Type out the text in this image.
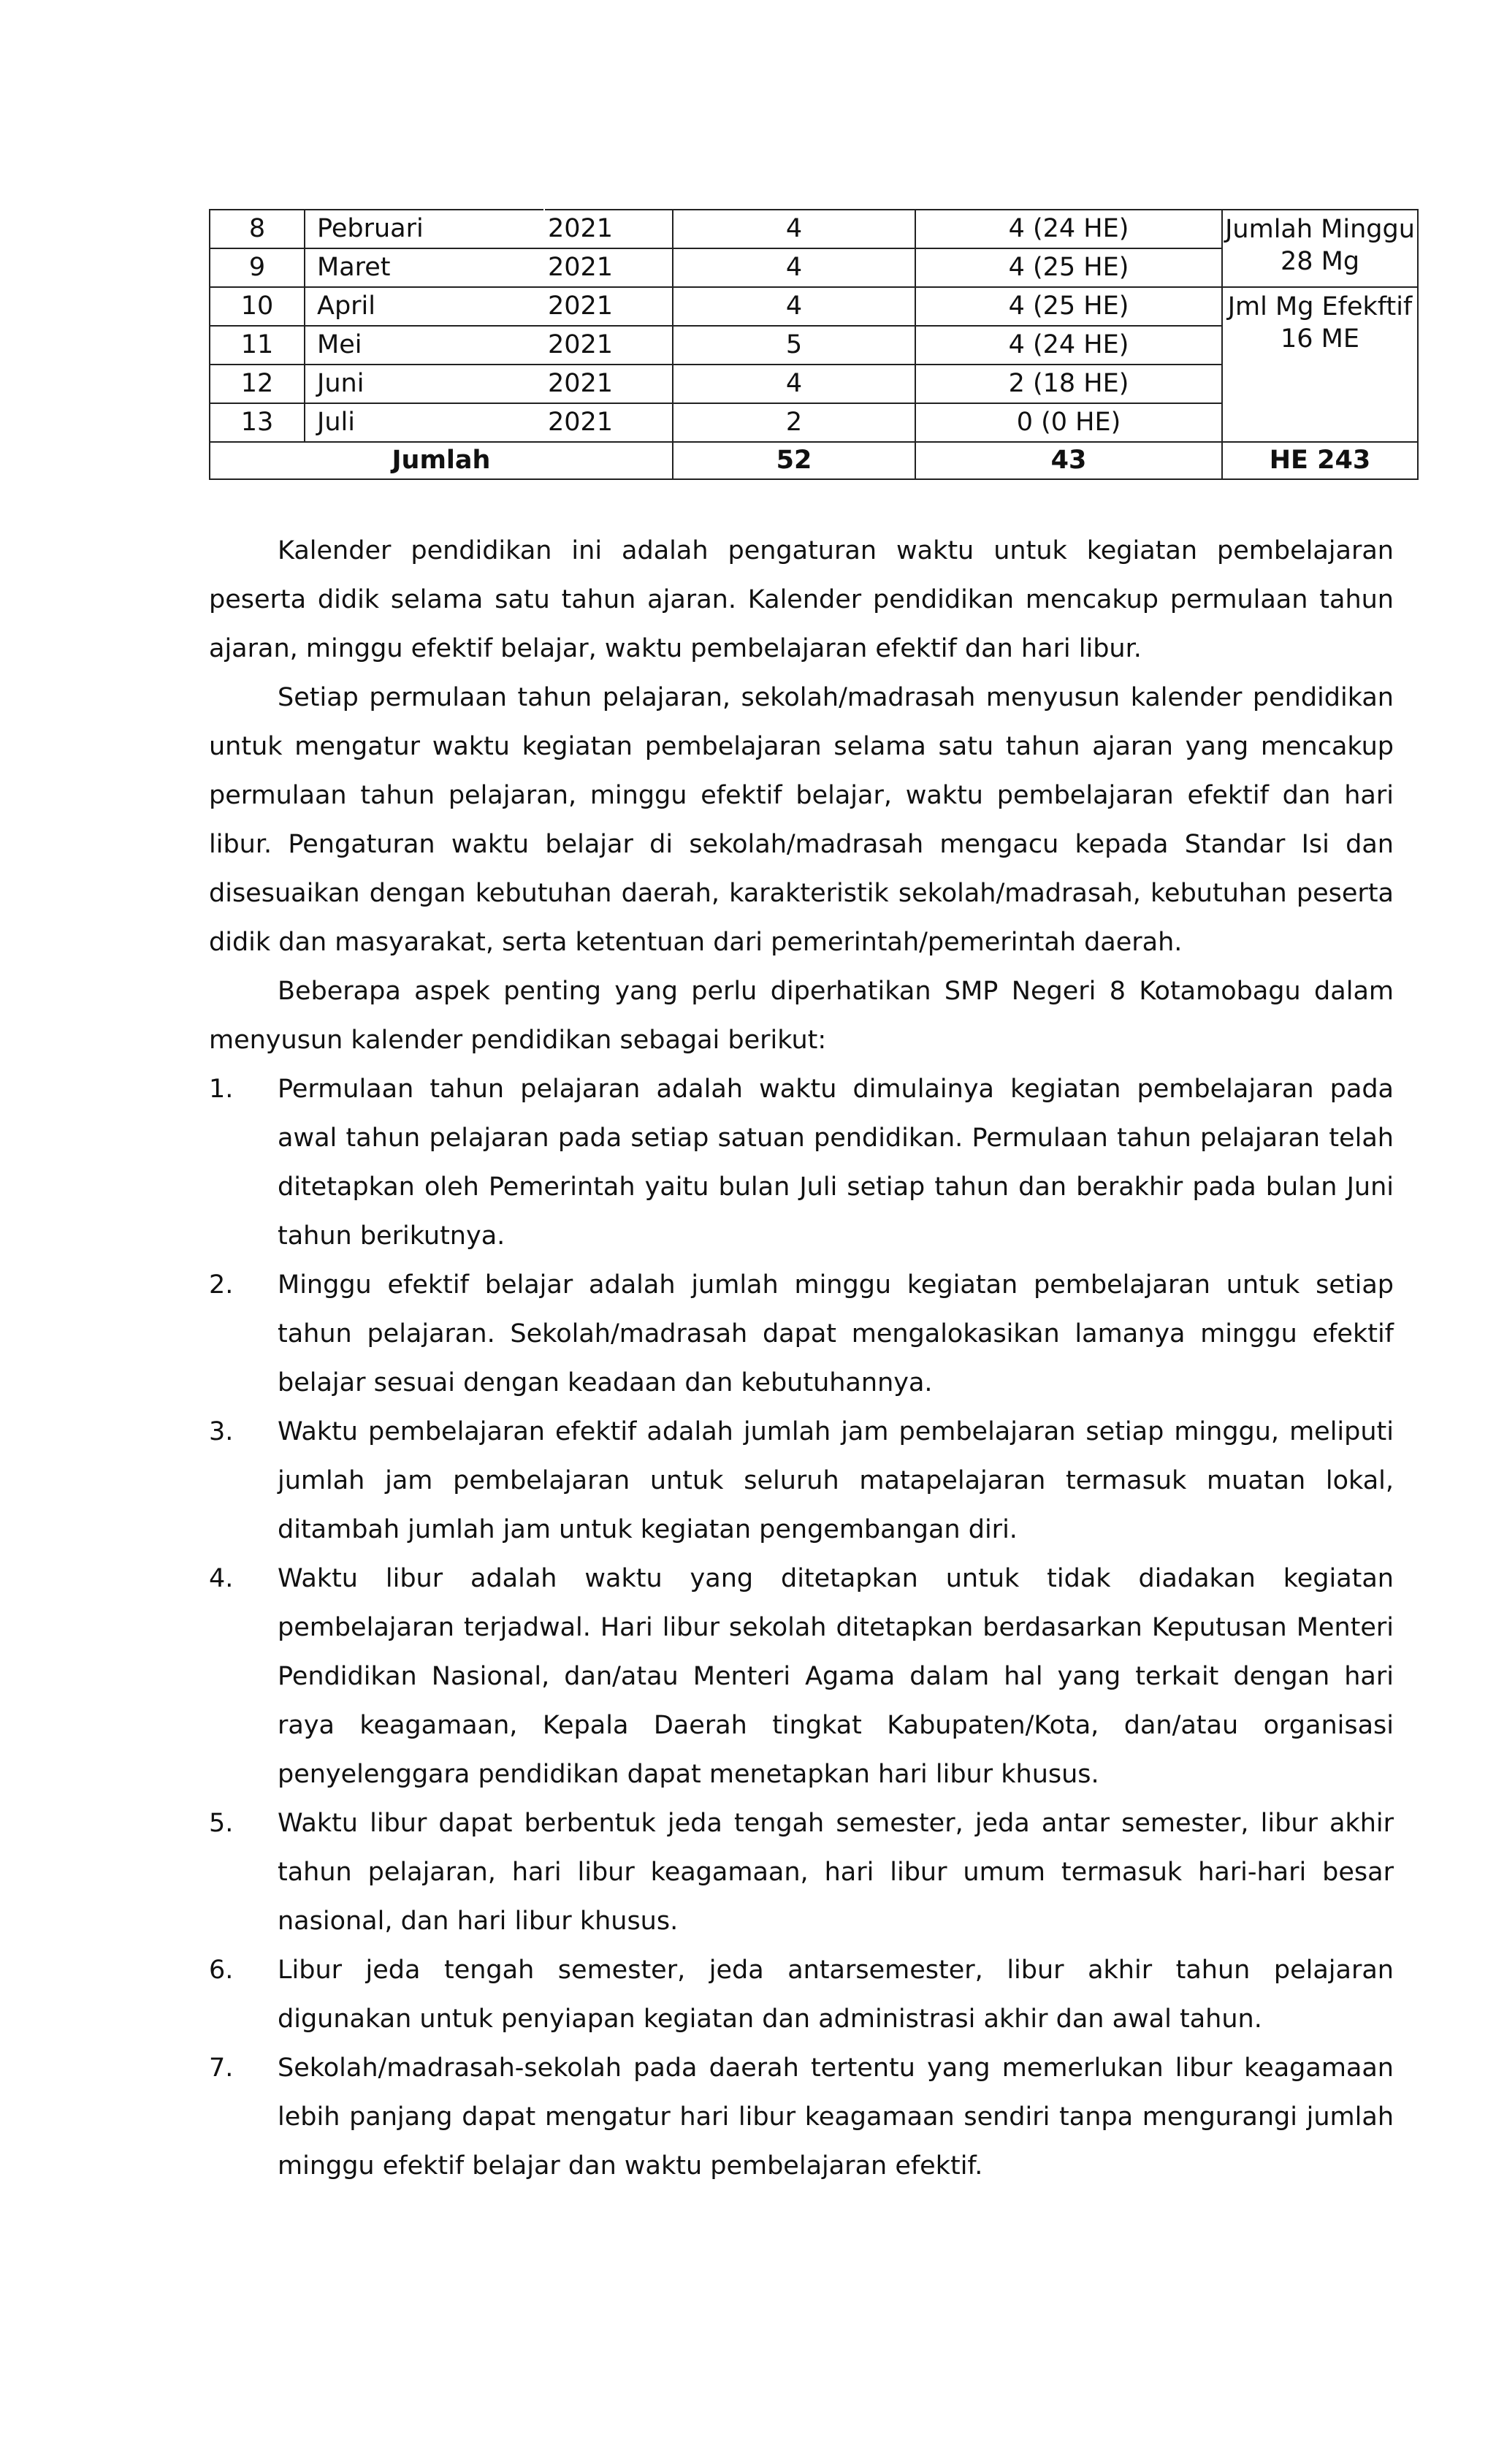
8	Pebruari	2021	4	4 (24 HE)	Jumlah Minggu 28 Mg
9	Maret	2021	4	4 (25 HE)	
10	April	2021	4	4 (25 HE)	Jml Mg Efekftif 16 ME
11	Mei	2021	5	4 (24 HE)	
12	Juni	2021	4	2 (18 HE)	
13	Juli	2021	2	0 (0 HE)	
Jumlah			52	43	HE 243

Kalender pendidikan ini adalah pengaturan waktu untuk kegiatan pembelajaran peserta didik selama satu tahun ajaran. Kalender pendidikan mencakup permulaan tahun ajaran, minggu efektif belajar, waktu pembelajaran efektif dan hari libur.

Setiap permulaan tahun pelajaran, sekolah/madrasah menyusun kalender pendidikan untuk mengatur waktu kegiatan pembelajaran selama satu tahun ajaran yang mencakup permulaan tahun pelajaran, minggu efektif belajar, waktu pembelajaran efektif dan hari libur. Pengaturan waktu belajar di sekolah/madrasah mengacu kepada Standar Isi dan disesuaikan dengan kebutuhan daerah, karakteristik sekolah/madrasah, kebutuhan peserta didik dan masyarakat, serta ketentuan dari pemerintah/pemerintah daerah.

Beberapa aspek penting yang perlu diperhatikan SMP Negeri 8 Kotamobagu dalam menyusun kalender pendidikan sebagai berikut:

1. Permulaan tahun pelajaran adalah waktu dimulainya kegiatan pembelajaran pada awal tahun pelajaran pada setiap satuan pendidikan. Permulaan tahun pelajaran telah ditetapkan oleh Pemerintah yaitu bulan Juli setiap tahun dan berakhir pada bulan Juni tahun berikutnya.
2. Minggu efektif belajar adalah jumlah minggu kegiatan pembelajaran untuk setiap tahun pelajaran. Sekolah/madrasah dapat mengalokasikan lamanya minggu efektif belajar sesuai dengan keadaan dan kebutuhannya.
3. Waktu pembelajaran efektif adalah jumlah jam pembelajaran setiap minggu, meliputi jumlah jam pembelajaran untuk seluruh matapelajaran termasuk muatan lokal, ditambah jumlah jam untuk kegiatan pengembangan diri.
4. Waktu libur adalah waktu yang ditetapkan untuk tidak diadakan kegiatan pembelajaran terjadwal. Hari libur sekolah ditetapkan berdasarkan Keputusan Menteri Pendidikan Nasional, dan/atau Menteri Agama dalam hal yang terkait dengan hari raya keagamaan, Kepala Daerah tingkat Kabupaten/Kota, dan/atau organisasi penyelenggara pendidikan dapat menetapkan hari libur khusus.
5. Waktu libur dapat berbentuk jeda tengah semester, jeda antar semester, libur akhir tahun pelajaran, hari libur keagamaan, hari libur umum termasuk hari-hari besar nasional, dan hari libur khusus.
6. Libur jeda tengah semester, jeda antarsemester, libur akhir tahun pelajaran digunakan untuk penyiapan kegiatan dan administrasi akhir dan awal tahun.
7. Sekolah/madrasah-sekolah pada daerah tertentu yang memerlukan libur keagamaan lebih panjang dapat mengatur hari libur keagamaan sendiri tanpa mengurangi jumlah minggu efektif belajar dan waktu pembelajaran efektif.
